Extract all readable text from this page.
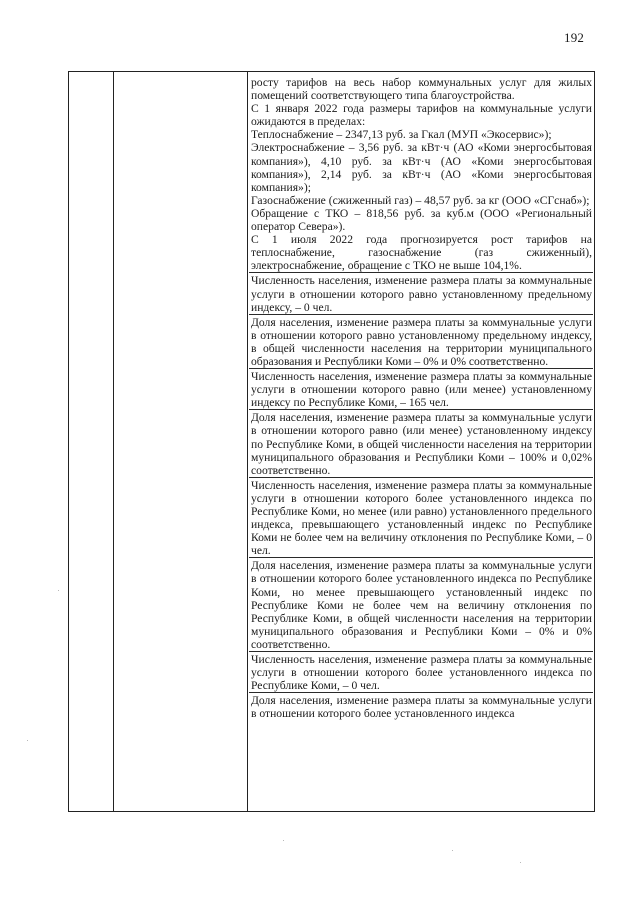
192

росту тарифов на весь набор коммунальных услуг для жилых помещений соответствующего типа благоустройства.

С 1 января 2022 года размеры тарифов на коммунальные услуги ожидаются в пределах:

Теплоснабжение – 2347,13 руб. за Гкал (МУП «Экосервис»);

Электроснабжение – 3,56 руб. за кВт·ч (АО «Коми энергосбытовая компания»), 4,10 руб. за кВт·ч (АО «Коми энергосбытовая компания»), 2,14 руб. за кВт·ч (АО «Коми энергосбытовая компания»);

Газоснабжение (сжиженный газ) – 48,57 руб. за кг (ООО «СГснаб»);

Обращение с ТКО – 818,56 руб. за куб.м (ООО «Региональный оператор Севера»).

С 1 июля 2022 года прогнозируется рост тарифов на теплоснабжение, газоснабжение (газ сжиженный), электроснабжение, обращение с ТКО не выше 104,1%.

Численность населения, изменение размера платы за коммунальные услуги в отношении которого равно установленному предельному индексу, – 0 чел.

Доля населения, изменение размера платы за коммунальные услуги в отношении которого равно установленному предельному индексу, в общей численности населения на территории муниципального образования и Республики Коми – 0% и 0% соответственно.

Численность населения, изменение размера платы за коммунальные услуги в отношении которого равно (или менее) установленному индексу по Республике Коми, – 165 чел.

Доля населения, изменение размера платы за коммунальные услуги в отношении которого равно (или менее) установленному индексу по Республике Коми, в общей численности населения на территории муниципального образования и Республики Коми – 100% и 0,02% соответственно.

Численность населения, изменение размера платы за коммунальные услуги в отношении которого более установленного индекса по Республике Коми, но менее (или равно) установленного предельного индекса, превышающего установленный индекс по Республике Коми не более чем на величину отклонения по Республике Коми, – 0 чел.

Доля населения, изменение размера платы за коммунальные услуги в отношении которого более установленного индекса по Республике Коми, но менее превышающего установленный индекс по Республике Коми не более чем на величину отклонения по Республике Коми, в общей численности населения на территории муниципального образования и Республики Коми – 0% и 0% соответственно.

Численность населения, изменение размера платы за коммунальные услуги в отношении которого более установленного индекса по Республике Коми, – 0 чел.

Доля населения, изменение размера платы за коммунальные услуги в отношении которого более установленного индекса
